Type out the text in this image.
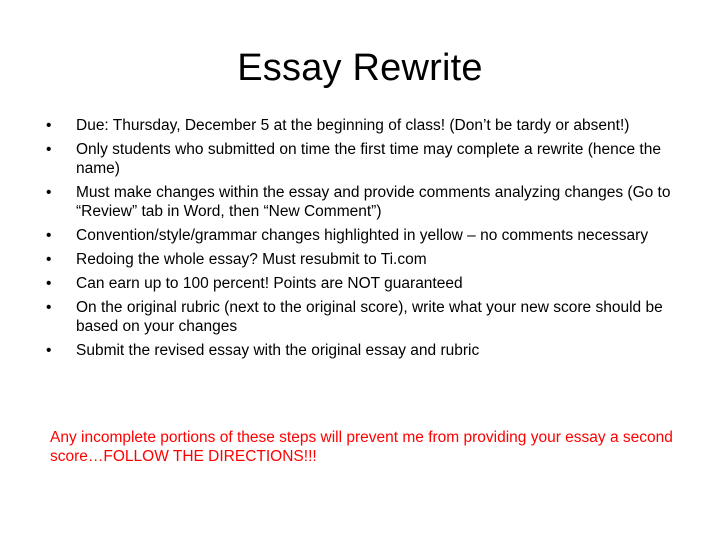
Essay Rewrite
•	Due: Thursday, December 5 at the beginning of class! (Don’t be tardy or absent!)
•	Only students who submitted on time the first time may complete a rewrite (hence the name)
•	Must make changes within the essay and provide comments analyzing changes (Go to “Review” tab in Word, then “New Comment”)
•	Convention/style/grammar changes highlighted in yellow – no comments necessary
•	Redoing the whole essay? Must resubmit to Ti.com
•	Can earn up to 100 percent! Points are NOT guaranteed
•	On the original rubric (next to the original score), write what your new score should be based on your changes
•	Submit the revised essay with the original essay and rubric

Any incomplete portions of these steps will prevent me from providing your essay a second score…FOLLOW THE DIRECTIONS!!!
